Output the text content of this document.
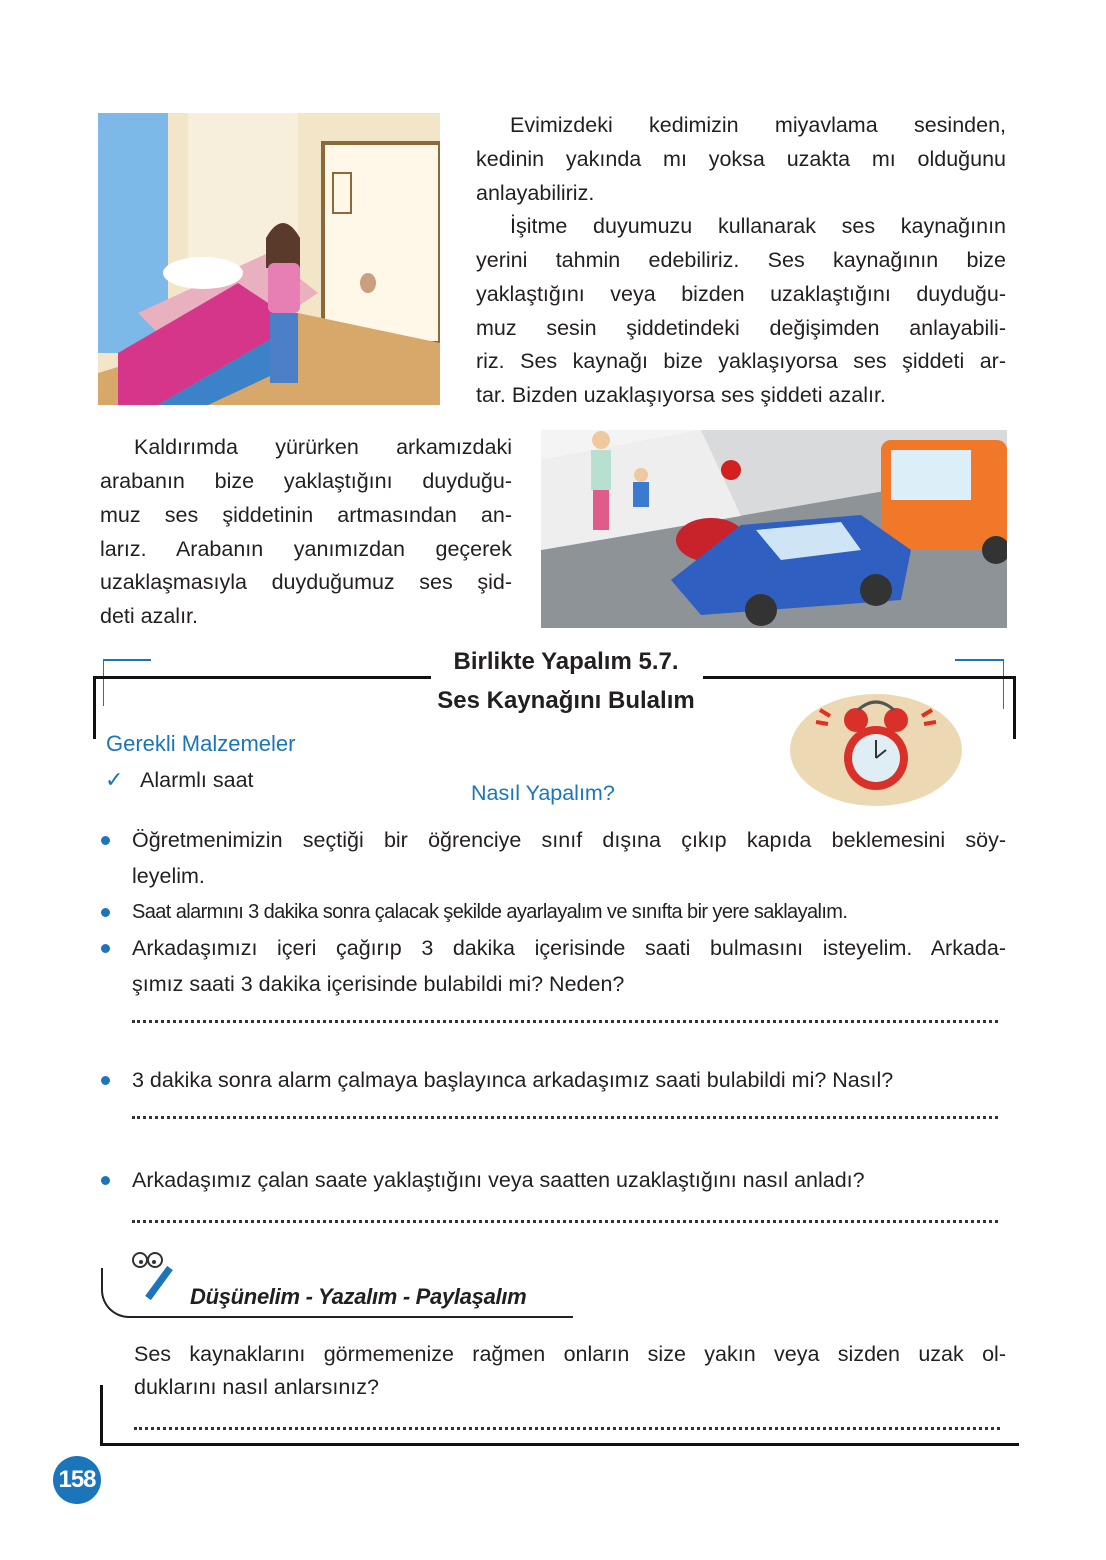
Evimizdeki kedimizin miyavlama sesinden,
kedinin yakında mı yoksa uzakta mı olduğunu
anlayabiliriz.
İşitme duyumuzu kullanarak ses kaynağının
yerini tahmin edebiliriz. Ses kaynağının bize
yaklaştığını veya bizden uzaklaştığını duyduğu-
muz sesin şiddetindeki değişimden anlayabili-
riz. Ses kaynağı bize yaklaşıyorsa ses şiddeti ar-
tar. Bizden uzaklaşıyorsa ses şiddeti azalır.
Kaldırımda yürürken arkamızdaki
arabanın bize yaklaştığını duyduğu-
muz ses şiddetinin artmasından an-
larız. Arabanın yanımızdan geçerek
uzaklaşmasıyla duyduğumuz ses şid-
deti azalır.
Birlikte Yapalım 5.7.
Ses Kaynağını Bulalım
Gerekli Malzemeler
✓ Alarmlı saat
Nasıl Yapalım?
Öğretmenimizin seçtiği bir öğrenciye sınıf dışına çıkıp kapıda beklemesini söy-
leyelim.
Saat alarmını 3 dakika sonra çalacak şekilde ayarlayalım ve sınıfta bir yere saklayalım.
Arkadaşımızı içeri çağırıp 3 dakika içerisinde saati bulmasını isteyelim. Arkada-
şımız saati 3 dakika içerisinde bulabildi mi? Neden?
3 dakika sonra alarm çalmaya başlayınca arkadaşımız saati bulabildi mi? Nasıl?
Arkadaşımız çalan saate yaklaştığını veya saatten uzaklaştığını nasıl anladı?
Düşünelim - Yazalım - Paylaşalım
Ses kaynaklarını görmemenize rağmen onların size yakın veya sizden uzak ol-
duklarını nasıl anlarsınız?
158
